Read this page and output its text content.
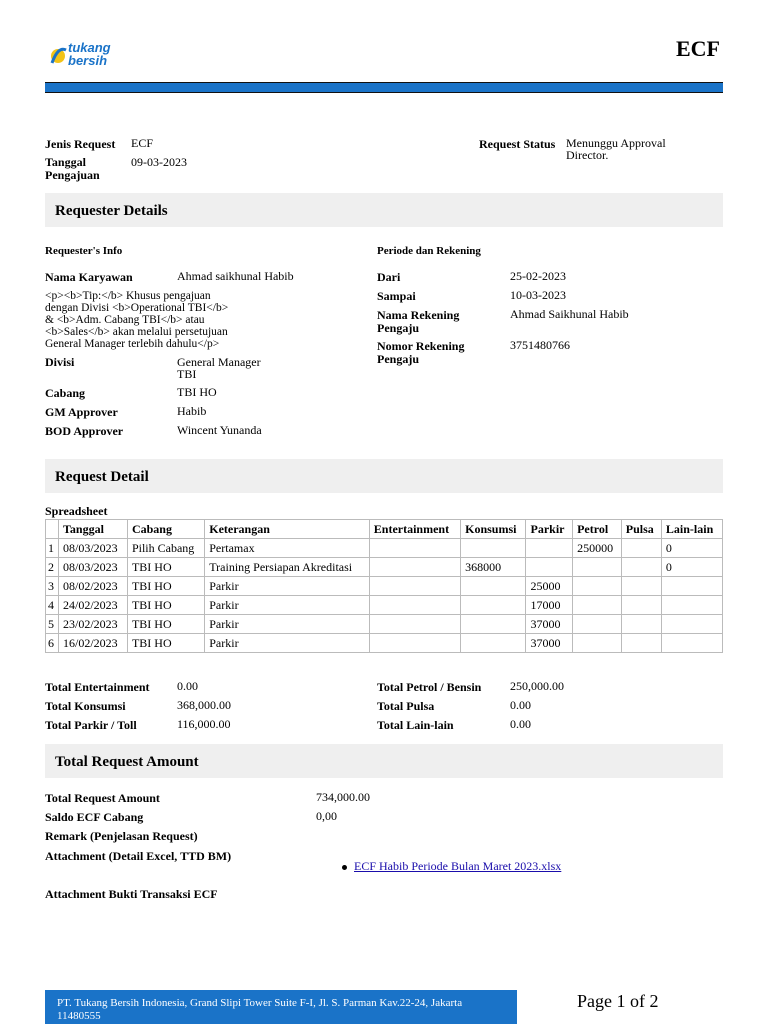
tukang
bersih	ECF
Jenis Request ECF
Tanggal
Pengajuan
09-03-2023
Request Status Menunggu Approval
Director.
Requester Details
Requester's Info	Periode dan Rekening
Nama Karyawan	Ahmad saikhunal Habib
<p><b>Tip:</b> Khusus pengajuan
dengan Divisi <b>Operational TBI</b>
& <b>Adm. Cabang TBI</b> atau
<b>Sales</b> akan melalui persetujuan
General Manager terlebih dahulu</p>
Divisi	General Manager
TBI
Cabang	TBI HO
GM Approver	Habib
BOD Approver	Wincent Yunanda
Dari	25-02-2023
Sampai	10-03-2023
Nama Rekening
Pengaju
Ahmad Saikhunal Habib
Nomor Rekening
Pengaju
3751480766
Request Detail
Spreadsheet
	Tanggal	Cabang	Keterangan	Entertainment	Konsumsi	Parkir	Petrol	Pulsa	Lain-lain
1	08/03/2023	Pilih Cabang	Pertamax				250000		0
2	08/03/2023	TBI HO	Training Persiapan Akreditasi		368000				0
3	08/02/2023	TBI HO	Parkir			25000			
4	24/02/2023	TBI HO	Parkir			17000			
5	23/02/2023	TBI HO	Parkir			37000			
6	16/02/2023	TBI HO	Parkir			37000			
Total Entertainment 0.00
Total Konsumsi	368,000.00
Total Parkir / Toll	116,000.00
Total Petrol / Bensin 250,000.00
Total Pulsa	0.00
Total Lain-lain	0.00
Total Request Amount
Total Request Amount	734,000.00
Saldo ECF Cabang	0,00
Remark (Penjelasan Request)
Attachment (Detail Excel, TTD BM)
ECF Habib Periode Bulan Maret 2023.xlsx
Attachment Bukti Transaksi ECF
PT. Tukang Bersih Indonesia, Grand Slipi Tower Suite F-I, Jl. S. Parman Kav.22-24, Jakarta
11480555
Page 1 of 2
